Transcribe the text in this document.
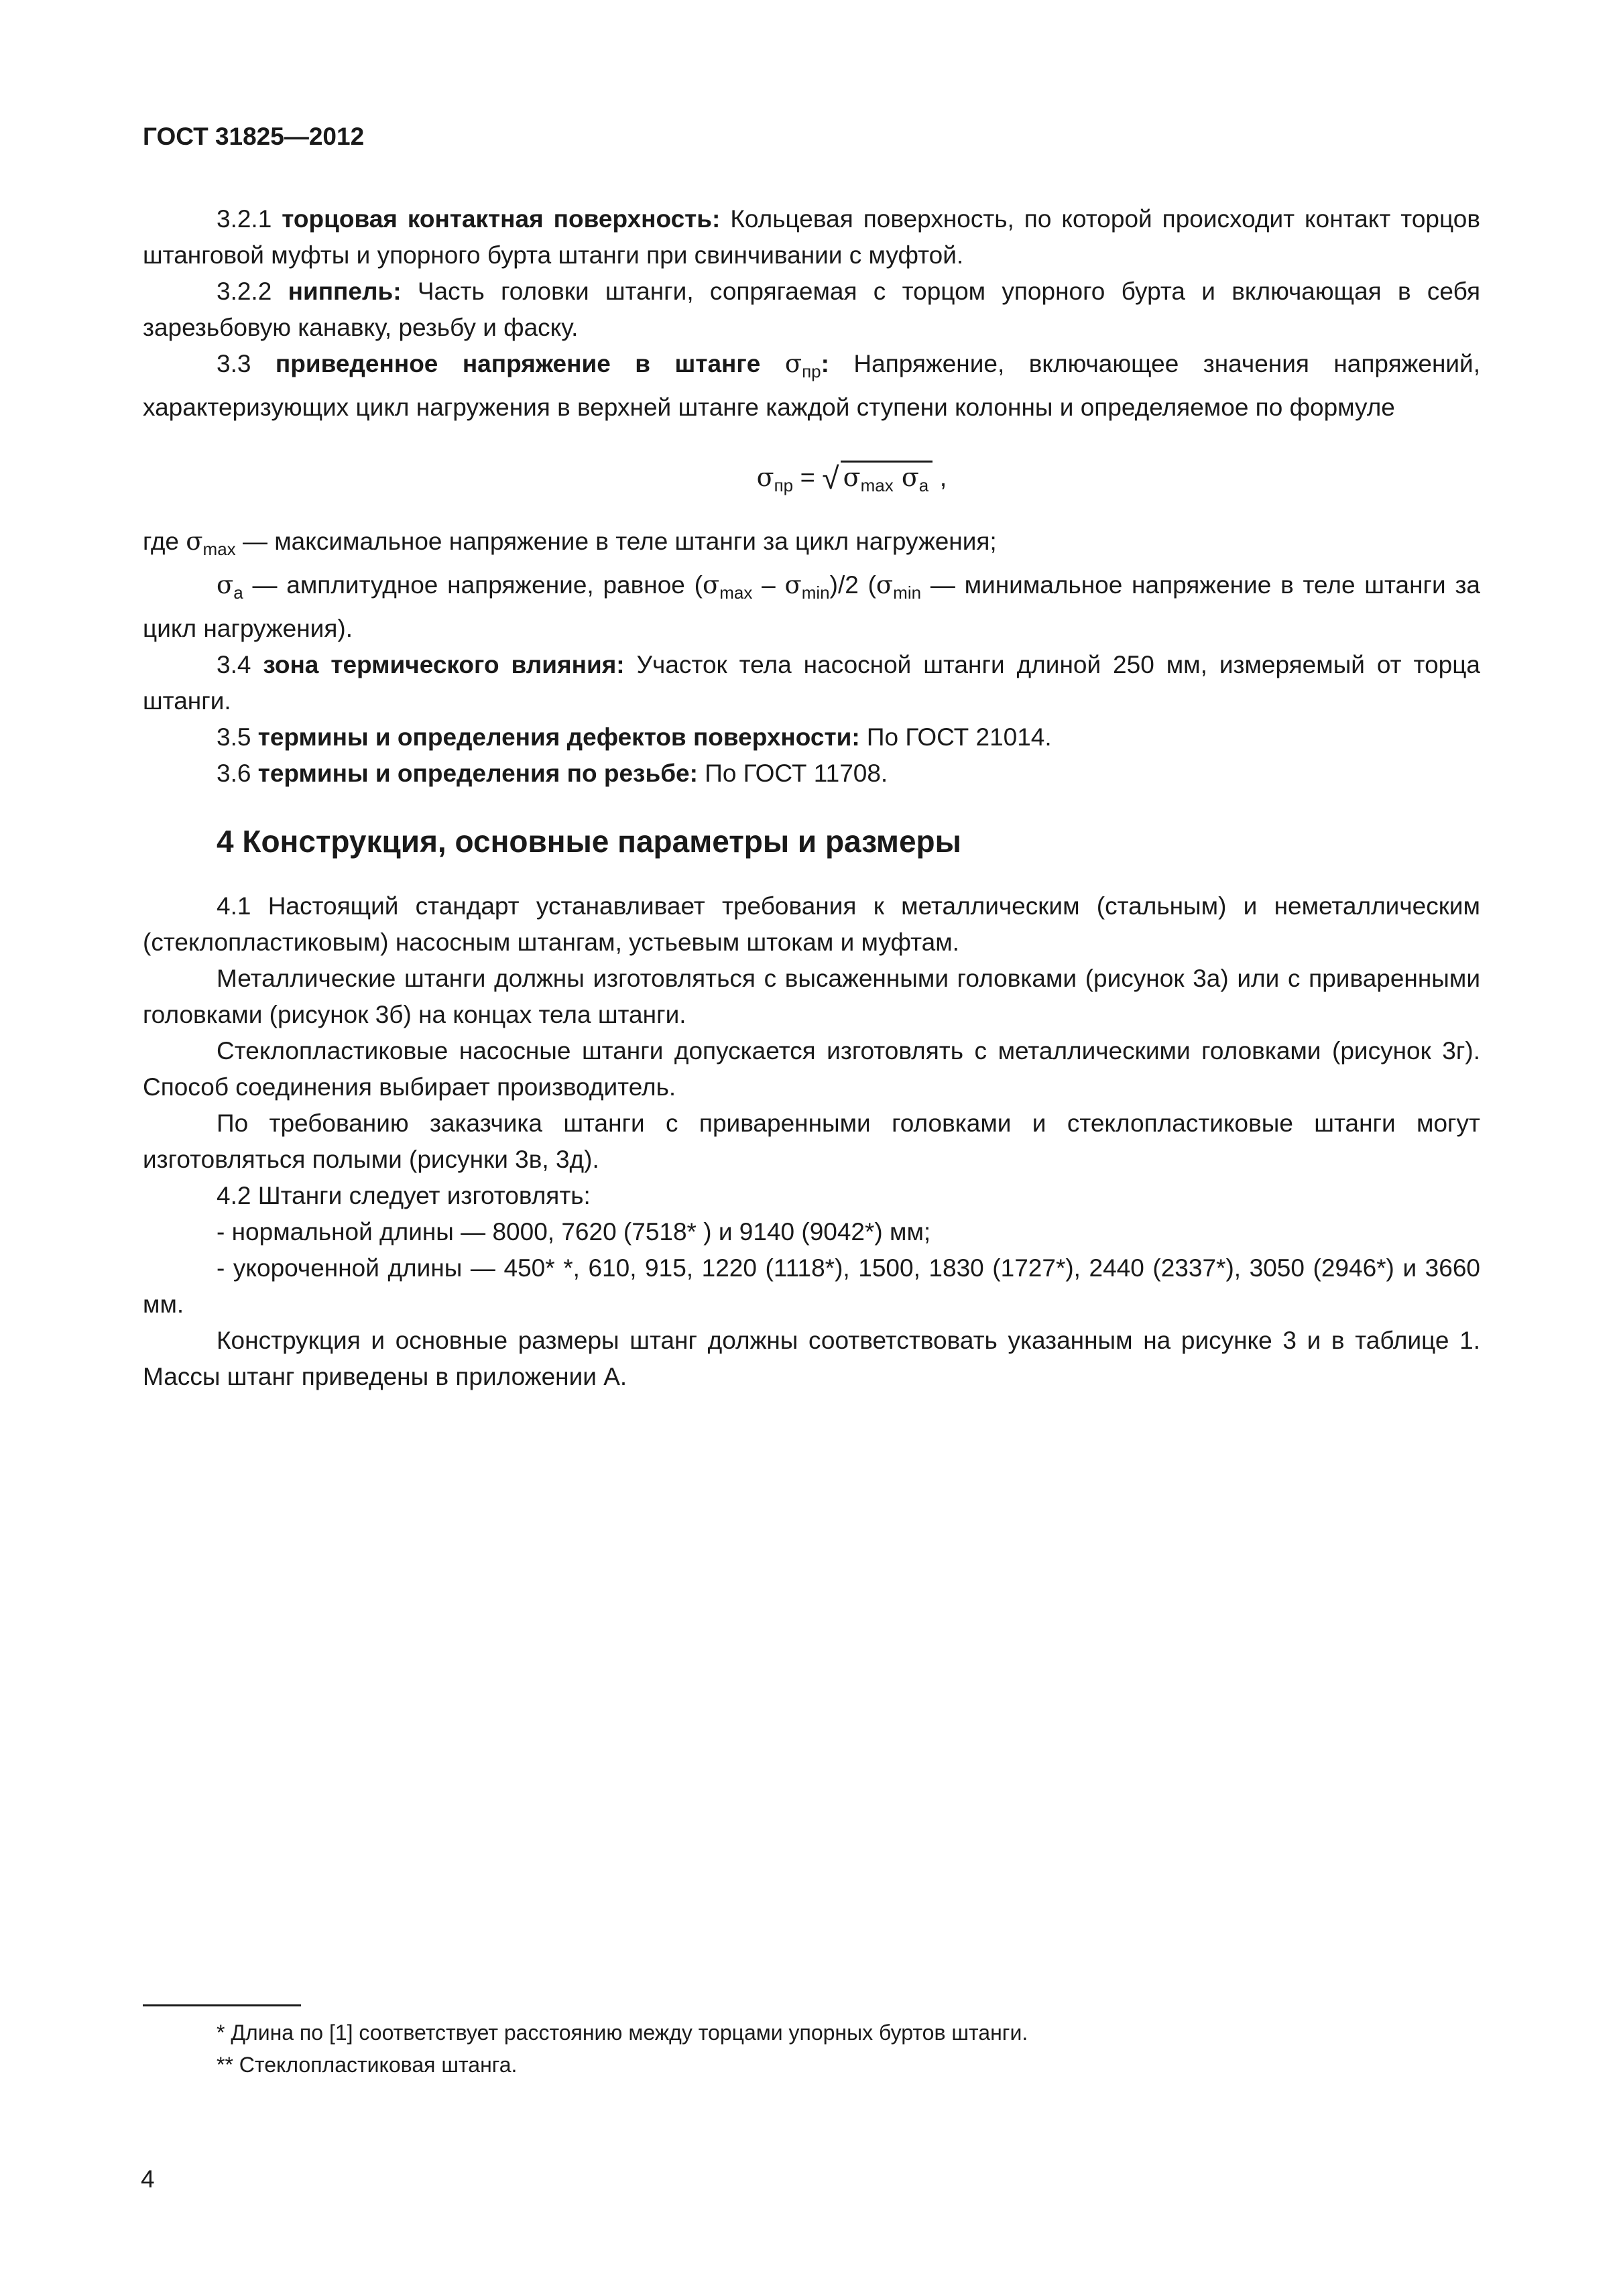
ГОСТ 31825—2012

3.2.1 торцовая контактная поверхность: Кольцевая поверхность, по которой происходит контакт торцов штанговой муфты и упорного бурта штанги при свинчивании с муфтой.

3.2.2 ниппель: Часть головки штанги, сопрягаемая с торцом упорного бурта и включающая в себя зарезьбовую канавку, резьбу и фаску.

3.3 приведенное напряжение в штанге $\sigma_{пр}$: Напряжение, включающее значения напряжений, характеризующих цикл нагружения в верхней штанге каждой ступени колонны и определяемое по формуле

$\sigma_{пр}$ = √ $\sigma_{max}$ $\sigma_a$ ,

где $\sigma_{max}$ — максимальное напряжение в теле штанги за цикл нагружения;

$\sigma_a$ — амплитудное напряжение, равное $(\sigma_{max} - \sigma_{min})/2$ ($\sigma_{min}$ — минимальное напряжение в теле штанги за цикл нагружения).

3.4 зона термического влияния: Участок тела насосной штанги длиной 250 мм, измеряемый от торца штанги.

3.5 термины и определения дефектов поверхности: По ГОСТ 21014.

3.6 термины и определения по резьбе: По ГОСТ 11708.

4 Конструкция, основные параметры и размеры

4.1 Настоящий стандарт устанавливает требования к металлическим (стальным) и неметаллическим (стеклопластиковым) насосным штангам, устьевым штокам и муфтам.

Металлические штанги должны изготовляться с высаженными головками (рисунок 3а) или с приваренными головками (рисунок 3б) на концах тела штанги.

Стеклопластиковые насосные штанги допускается изготовлять с металлическими головками (рисунок 3г). Способ соединения выбирает производитель.

По требованию заказчика штанги с приваренными головками и стеклопластиковые штанги могут изготовляться полыми (рисунки 3в, 3д).

4.2 Штанги следует изготовлять:

- нормальной длины — 8000, 7620 (7518* ) и 9140 (9042*) мм;

- укороченной длины — 450* *, 610, 915, 1220 (1118*), 1500, 1830 (1727*), 2440 (2337*), 3050 (2946*) и 3660 мм.

Конструкция и основные размеры штанг должны соответствовать указанным на рисунке 3 и в таблице 1. Массы штанг приведены в приложении А.

* Длина по [1] соответствует расстоянию между торцами упорных буртов штанги.
** Стеклопластиковая штанга.
4
